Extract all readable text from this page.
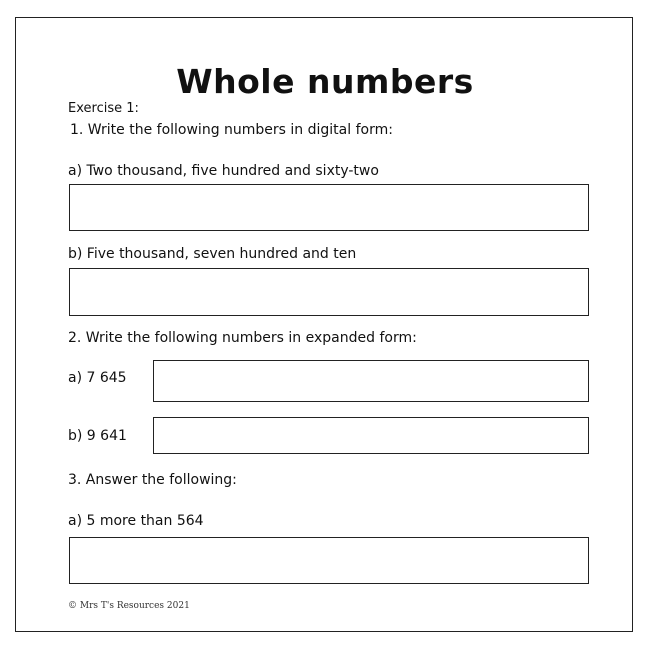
Whole numbers
Exercise 1:
1. Write the following numbers in digital form:
a) Two thousand, five hundred and sixty-two
b) Five thousand, seven hundred and ten
2. Write the following numbers in expanded form:
a) 7 645
b) 9 641
3. Answer the following:
a) 5 more than 564
© Mrs T's Resources 2021
